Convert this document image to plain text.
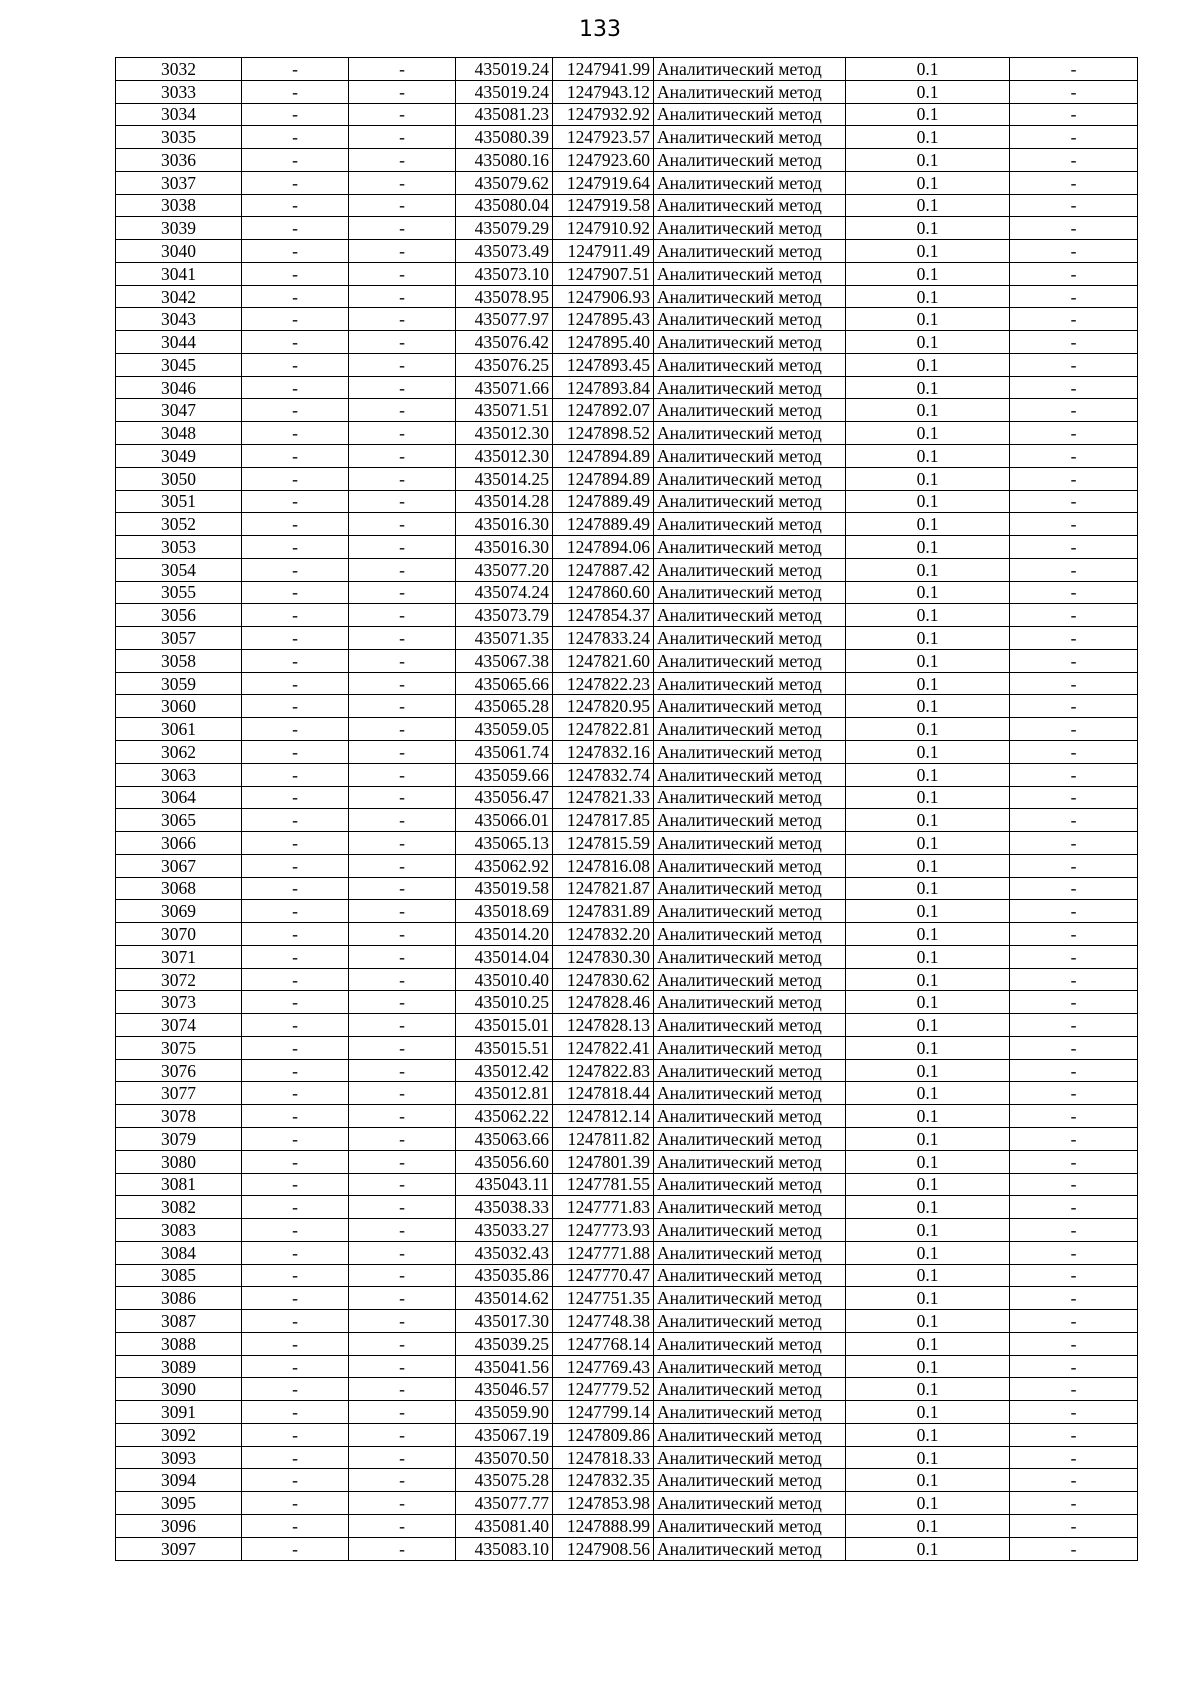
133
3032	-	-	435019.24	1247941.99	Аналитический метод	0.1	-
3033	-	-	435019.24	1247943.12	Аналитический метод	0.1	-
3034	-	-	435081.23	1247932.92	Аналитический метод	0.1	-
3035	-	-	435080.39	1247923.57	Аналитический метод	0.1	-
3036	-	-	435080.16	1247923.60	Аналитический метод	0.1	-
3037	-	-	435079.62	1247919.64	Аналитический метод	0.1	-
3038	-	-	435080.04	1247919.58	Аналитический метод	0.1	-
3039	-	-	435079.29	1247910.92	Аналитический метод	0.1	-
3040	-	-	435073.49	1247911.49	Аналитический метод	0.1	-
3041	-	-	435073.10	1247907.51	Аналитический метод	0.1	-
3042	-	-	435078.95	1247906.93	Аналитический метод	0.1	-
3043	-	-	435077.97	1247895.43	Аналитический метод	0.1	-
3044	-	-	435076.42	1247895.40	Аналитический метод	0.1	-
3045	-	-	435076.25	1247893.45	Аналитический метод	0.1	-
3046	-	-	435071.66	1247893.84	Аналитический метод	0.1	-
3047	-	-	435071.51	1247892.07	Аналитический метод	0.1	-
3048	-	-	435012.30	1247898.52	Аналитический метод	0.1	-
3049	-	-	435012.30	1247894.89	Аналитический метод	0.1	-
3050	-	-	435014.25	1247894.89	Аналитический метод	0.1	-
3051	-	-	435014.28	1247889.49	Аналитический метод	0.1	-
3052	-	-	435016.30	1247889.49	Аналитический метод	0.1	-
3053	-	-	435016.30	1247894.06	Аналитический метод	0.1	-
3054	-	-	435077.20	1247887.42	Аналитический метод	0.1	-
3055	-	-	435074.24	1247860.60	Аналитический метод	0.1	-
3056	-	-	435073.79	1247854.37	Аналитический метод	0.1	-
3057	-	-	435071.35	1247833.24	Аналитический метод	0.1	-
3058	-	-	435067.38	1247821.60	Аналитический метод	0.1	-
3059	-	-	435065.66	1247822.23	Аналитический метод	0.1	-
3060	-	-	435065.28	1247820.95	Аналитический метод	0.1	-
3061	-	-	435059.05	1247822.81	Аналитический метод	0.1	-
3062	-	-	435061.74	1247832.16	Аналитический метод	0.1	-
3063	-	-	435059.66	1247832.74	Аналитический метод	0.1	-
3064	-	-	435056.47	1247821.33	Аналитический метод	0.1	-
3065	-	-	435066.01	1247817.85	Аналитический метод	0.1	-
3066	-	-	435065.13	1247815.59	Аналитический метод	0.1	-
3067	-	-	435062.92	1247816.08	Аналитический метод	0.1	-
3068	-	-	435019.58	1247821.87	Аналитический метод	0.1	-
3069	-	-	435018.69	1247831.89	Аналитический метод	0.1	-
3070	-	-	435014.20	1247832.20	Аналитический метод	0.1	-
3071	-	-	435014.04	1247830.30	Аналитический метод	0.1	-
3072	-	-	435010.40	1247830.62	Аналитический метод	0.1	-
3073	-	-	435010.25	1247828.46	Аналитический метод	0.1	-
3074	-	-	435015.01	1247828.13	Аналитический метод	0.1	-
3075	-	-	435015.51	1247822.41	Аналитический метод	0.1	-
3076	-	-	435012.42	1247822.83	Аналитический метод	0.1	-
3077	-	-	435012.81	1247818.44	Аналитический метод	0.1	-
3078	-	-	435062.22	1247812.14	Аналитический метод	0.1	-
3079	-	-	435063.66	1247811.82	Аналитический метод	0.1	-
3080	-	-	435056.60	1247801.39	Аналитический метод	0.1	-
3081	-	-	435043.11	1247781.55	Аналитический метод	0.1	-
3082	-	-	435038.33	1247771.83	Аналитический метод	0.1	-
3083	-	-	435033.27	1247773.93	Аналитический метод	0.1	-
3084	-	-	435032.43	1247771.88	Аналитический метод	0.1	-
3085	-	-	435035.86	1247770.47	Аналитический метод	0.1	-
3086	-	-	435014.62	1247751.35	Аналитический метод	0.1	-
3087	-	-	435017.30	1247748.38	Аналитический метод	0.1	-
3088	-	-	435039.25	1247768.14	Аналитический метод	0.1	-
3089	-	-	435041.56	1247769.43	Аналитический метод	0.1	-
3090	-	-	435046.57	1247779.52	Аналитический метод	0.1	-
3091	-	-	435059.90	1247799.14	Аналитический метод	0.1	-
3092	-	-	435067.19	1247809.86	Аналитический метод	0.1	-
3093	-	-	435070.50	1247818.33	Аналитический метод	0.1	-
3094	-	-	435075.28	1247832.35	Аналитический метод	0.1	-
3095	-	-	435077.77	1247853.98	Аналитический метод	0.1	-
3096	-	-	435081.40	1247888.99	Аналитический метод	0.1	-
3097	-	-	435083.10	1247908.56	Аналитический метод	0.1	-
